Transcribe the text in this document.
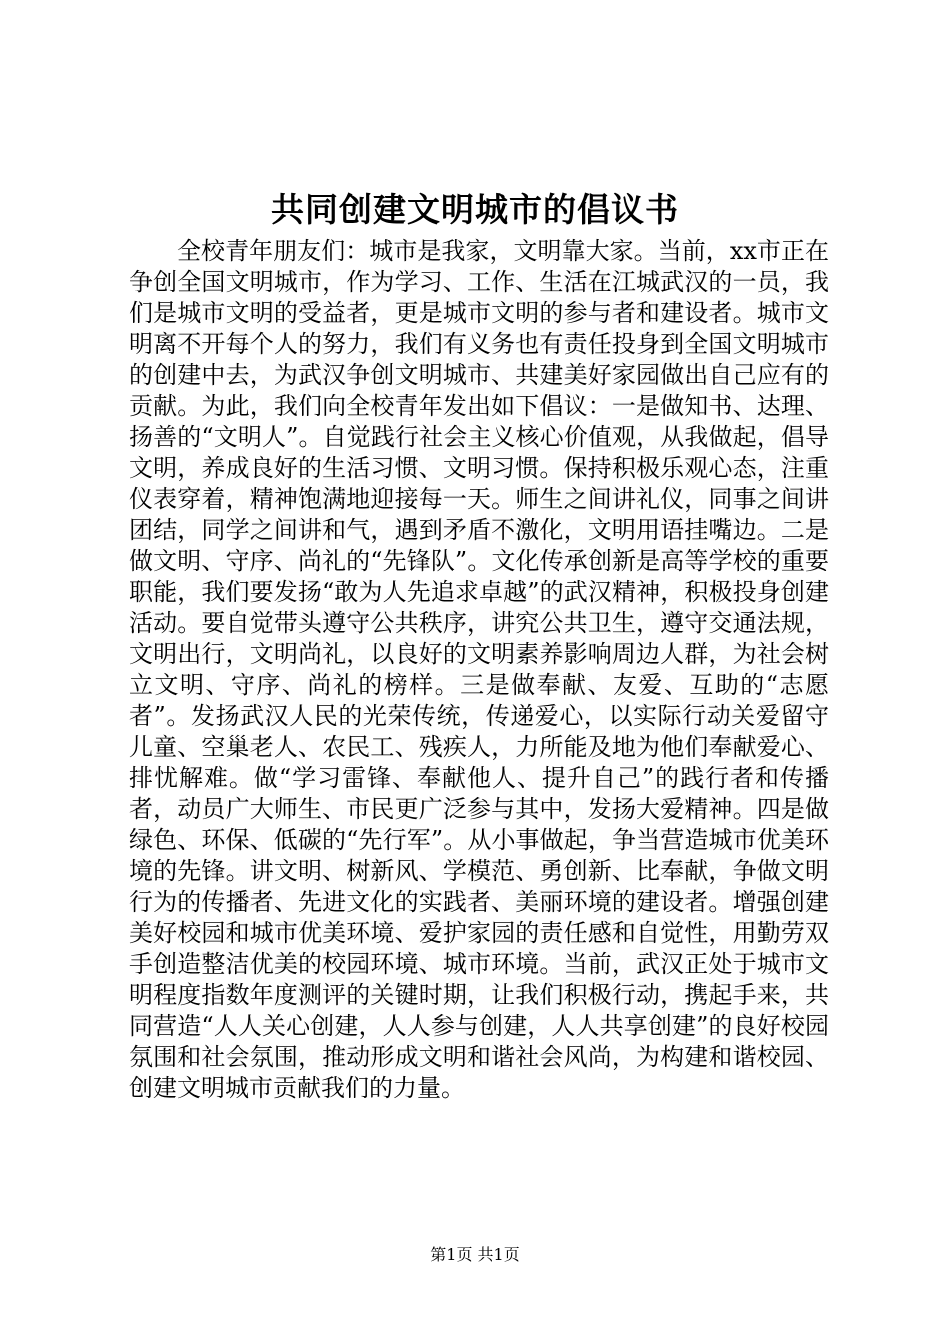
共同创建文明城市的倡议书

全校青年朋友们：城市是我家，文明靠大家。当前，xx市正在争创全国文明城市，作为学习、工作、生活在江城武汉的一员，我们是城市文明的受益者，更是城市文明的参与者和建设者。城市文明离不开每个人的努力，我们有义务也有责任投身到全国文明城市的创建中去，为武汉争创文明城市、共建美好家园做出自己应有的贡献。为此，我们向全校青年发出如下倡议：一是做知书、达理、扬善的“文明人”。自觉践行社会主义核心价值观，从我做起，倡导文明，养成良好的生活习惯、文明习惯。保持积极乐观心态，注重仪表穿着，精神饱满地迎接每一天。师生之间讲礼仪，同事之间讲团结，同学之间讲和气，遇到矛盾不激化，文明用语挂嘴边。二是做文明、守序、尚礼的“先锋队”。文化传承创新是高等学校的重要职能，我们要发扬“敢为人先追求卓越”的武汉精神，积极投身创建活动。要自觉带头遵守公共秩序，讲究公共卫生，遵守交通法规，文明出行，文明尚礼，以良好的文明素养影响周边人群，为社会树立文明、守序、尚礼的榜样。三是做奉献、友爱、互助的“志愿者”。发扬武汉人民的光荣传统，传递爱心，以实际行动关爱留守儿童、空巢老人、农民工、残疾人，力所能及地为他们奉献爱心、排忧解难。做“学习雷锋、奉献他人、提升自己”的践行者和传播者，动员广大师生、市民更广泛参与其中，发扬大爱精神。四是做绿色、环保、低碳的“先行军”。从小事做起，争当营造城市优美环境的先锋。讲文明、树新风、学模范、勇创新、比奉献，争做文明行为的传播者、先进文化的实践者、美丽环境的建设者。增强创建美好校园和城市优美环境、爱护家园的责任感和自觉性，用勤劳双手创造整洁优美的校园环境、城市环境。当前，武汉正处于城市文明程度指数年度测评的关键时期，让我们积极行动，携起手来，共同营造“人人关心创建，人人参与创建，人人共享创建”的良好校园氛围和社会氛围，推动形成文明和谐社会风尚，为构建和谐校园、创建文明城市贡献我们的力量。

第1页 共1页
